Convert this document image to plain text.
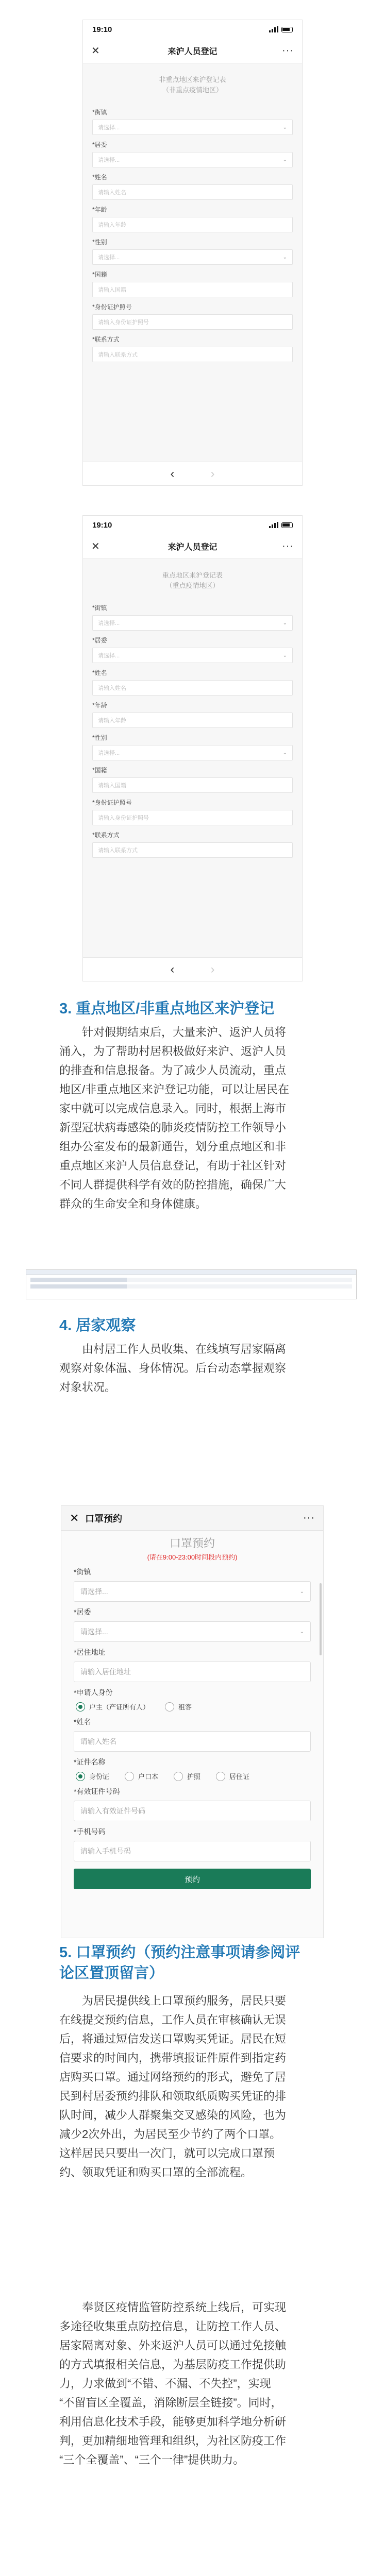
19:10
✕	来沪人员登记	···
非重点地区来沪登记表
（非重点疫情地区）
*街镇
请选择...	⌄
*居委
请选择...	⌄
*姓名
请输入姓名
*年龄
请输入年龄
*性别
请选择...	⌄
*国籍
请输入国籍
*身份证护照号
请输入身份证护照号
*联系方式
请输入联系方式
‹	›
19:10
✕	来沪人员登记	···
重点地区来沪登记表
（重点疫情地区）
*街镇
请选择...	⌄
*居委
请选择...	⌄
*姓名
请输入姓名
*年龄
请输入年龄
*性别
请选择...	⌄
*国籍
请输入国籍
*身份证护照号
请输入身份证护照号
*联系方式
请输入联系方式
‹	›
3. 重点地区/非重点地区来沪登记
针对假期结束后，大量来沪、返沪人员将
涌入，为了帮助村居积极做好来沪、返沪人员
的排查和信息报备。为了减少人员流动，重点
地区/非重点地区来沪登记功能，可以让居民在
家中就可以完成信息录入。同时，根据上海市
新型冠状病毒感染的肺炎疫情防控工作领导小
组办公室发布的最新通告，划分重点地区和非
重点地区来沪人员信息登记，有助于社区针对
不同人群提供科学有效的防控措施，确保广大
群众的生命安全和身体健康。
4. 居家观察
由村居工作人员收集、在线填写居家隔离
观察对象体温、身体情况。后台动态掌握观察
对象状况。
✕ 口罩预约	···
口罩预约
(请在9:00-23:00时间段内预约)
*街镇
请选择...	⌄
*居委
请选择...	⌄
*居住地址
请输入居住地址
*申请人身份
户主（产证所有人）	租客
*姓名
请输入姓名
*证件名称
身份证	户口本	护照	居住证
*有效证件号码
请输入有效证件号码
*手机号码
请输入手机号码
预约
5. 口罩预约（预约注意事项请参阅评
论区置顶留言）
为居民提供线上口罩预约服务，居民只要
在线提交预约信息，工作人员在审核确认无误
后，将通过短信发送口罩购买凭证。居民在短
信要求的时间内，携带填报证件原件到指定药
店购买口罩。通过网络预约的形式，避免了居
民到村居委预约排队和领取纸质购买凭证的排
队时间，减少人群聚集交叉感染的风险，也为
减少2次外出，为居民至少节约了两个口罩。
这样居民只要出一次门，就可以完成口罩预
约、领取凭证和购买口罩的全部流程。
奉贤区疫情监管防控系统上线后，可实现
多途径收集重点防控信息，让防控工作人员、
居家隔离对象、外来返沪人员可以通过免接触
的方式填报相关信息，为基层防疫工作提供助
力，力求做到“不错、不漏、不失控”，实现
“不留盲区全覆盖，消除断层全链接”。同时，
利用信息化技术手段，能够更加科学地分析研
判，更加精细地管理和组织，为社区防疫工作
“三个全覆盖”、“三个一律”提供助力。
